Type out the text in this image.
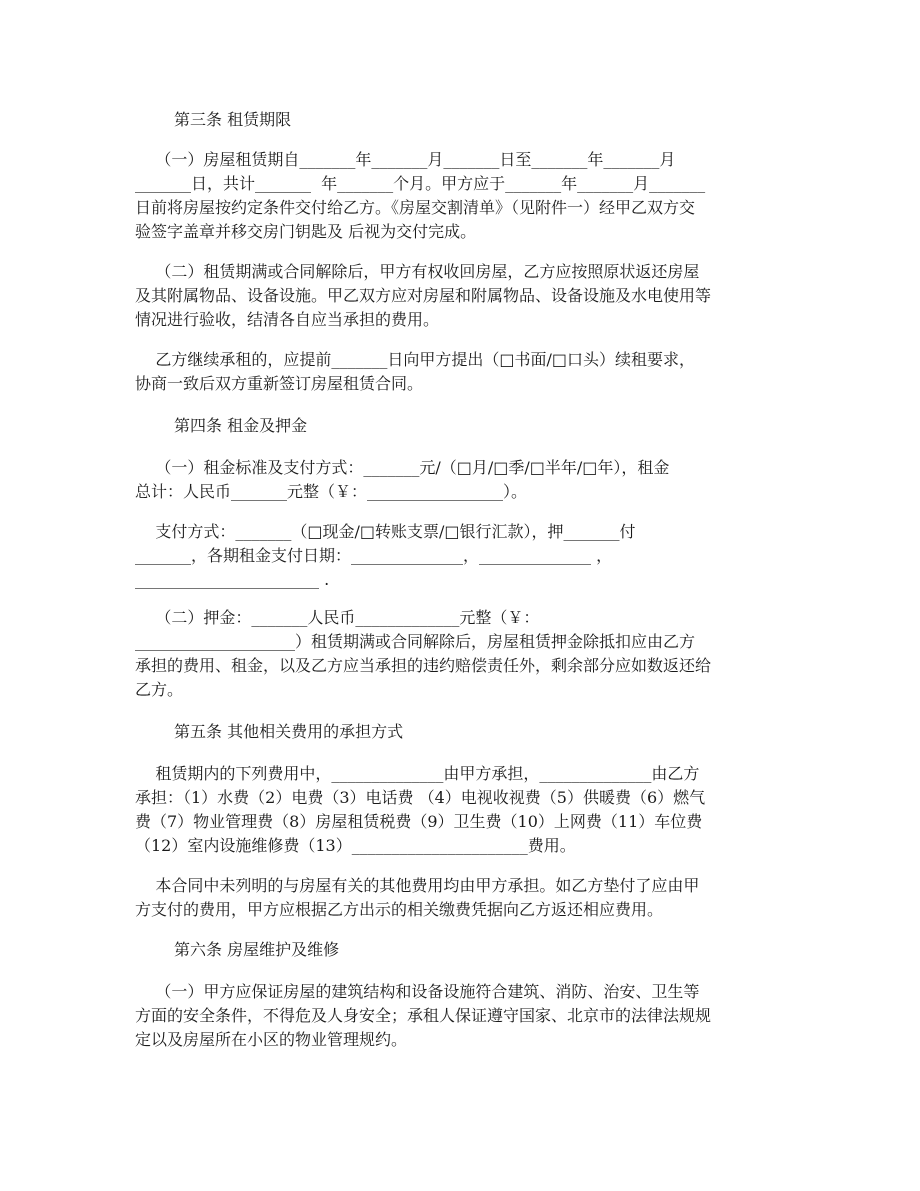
第三条 租赁期限

（一）房屋租赁期自_______年_______月_______日至_______年_______月
_______日，共计_______  年_______个月。甲方应于_______年_______月_______
日前将房屋按约定条件交付给乙方。《房屋交割清单》（见附件一）经甲乙双方交
验签字盖章并移交房门钥匙及 后视为交付完成。
（二）租赁期满或合同解除后，甲方有权收回房屋，乙方应按照原状返还房屋
及其附属物品、设备设施。甲乙双方应对房屋和附属物品、设备设施及水电使用等
情况进行验收，结清各自应当承担的费用。
乙方继续承租的，应提前_______日向甲方提出（□书面/□口头）续租要求，
协商一致后双方重新签订房屋租赁合同。

第四条 租金及押金

（一）租金标准及支付方式：_______元/（□月/□季/□半年/□年），租金
总计：人民币_______元整（￥：_________________）。
支付方式：_______（□现金/□转账支票/□银行汇款），押_______付
_______，各期租金支付日期：______________，______________ ，
_______________________ .
（二）押金：_______人民币_____________元整（￥：
____________________）租赁期满或合同解除后，房屋租赁押金除抵扣应由乙方
承担的费用、租金，以及乙方应当承担的违约赔偿责任外，剩余部分应如数返还给
乙方。

第五条 其他相关费用的承担方式

租赁期内的下列费用中，______________由甲方承担，______________由乙方
承担：（1）水费（2）电费（3）电话费 （4）电视收视费（5）供暖费（6）燃气
费（7）物业管理费（8）房屋租赁税费（9）卫生费（10）上网费（11）车位费
（12）室内设施维修费（13）______________________费用。
本合同中未列明的与房屋有关的其他费用均由甲方承担。如乙方垫付了应由甲
方支付的费用，甲方应根据乙方出示的相关缴费凭据向乙方返还相应费用。

第六条 房屋维护及维修

（一）甲方应保证房屋的建筑结构和设备设施符合建筑、消防、治安、卫生等
方面的安全条件，不得危及人身安全；承租人保证遵守国家、北京市的法律法规规
定以及房屋所在小区的物业管理规约。
